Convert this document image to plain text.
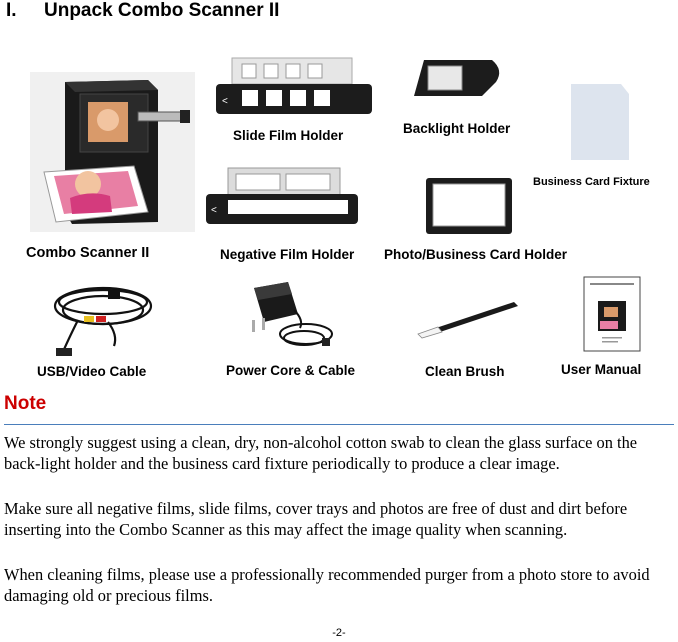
I. Unpack Combo Scanner II
<
<
Slide Film Holder	Backlight Holder
Business Card Fixture
Combo Scanner II	Negative Film Holder Photo/Business Card Holder
USB/Video Cable	Power Core & Cable	Clean Brush	User Manual
Note
We strongly suggest using a clean, dry, non-alcohol cotton swab to clean the glass surface on the back-light holder and the business card fixture periodically to produce a clear image.
Make sure all negative films, slide films, cover trays and photos are free of dust and dirt before inserting into the Combo Scanner as this may affect the image quality when scanning.
When cleaning films, please use a professionally recommended purger from a photo store to avoid damaging old or precious films.
-2-
